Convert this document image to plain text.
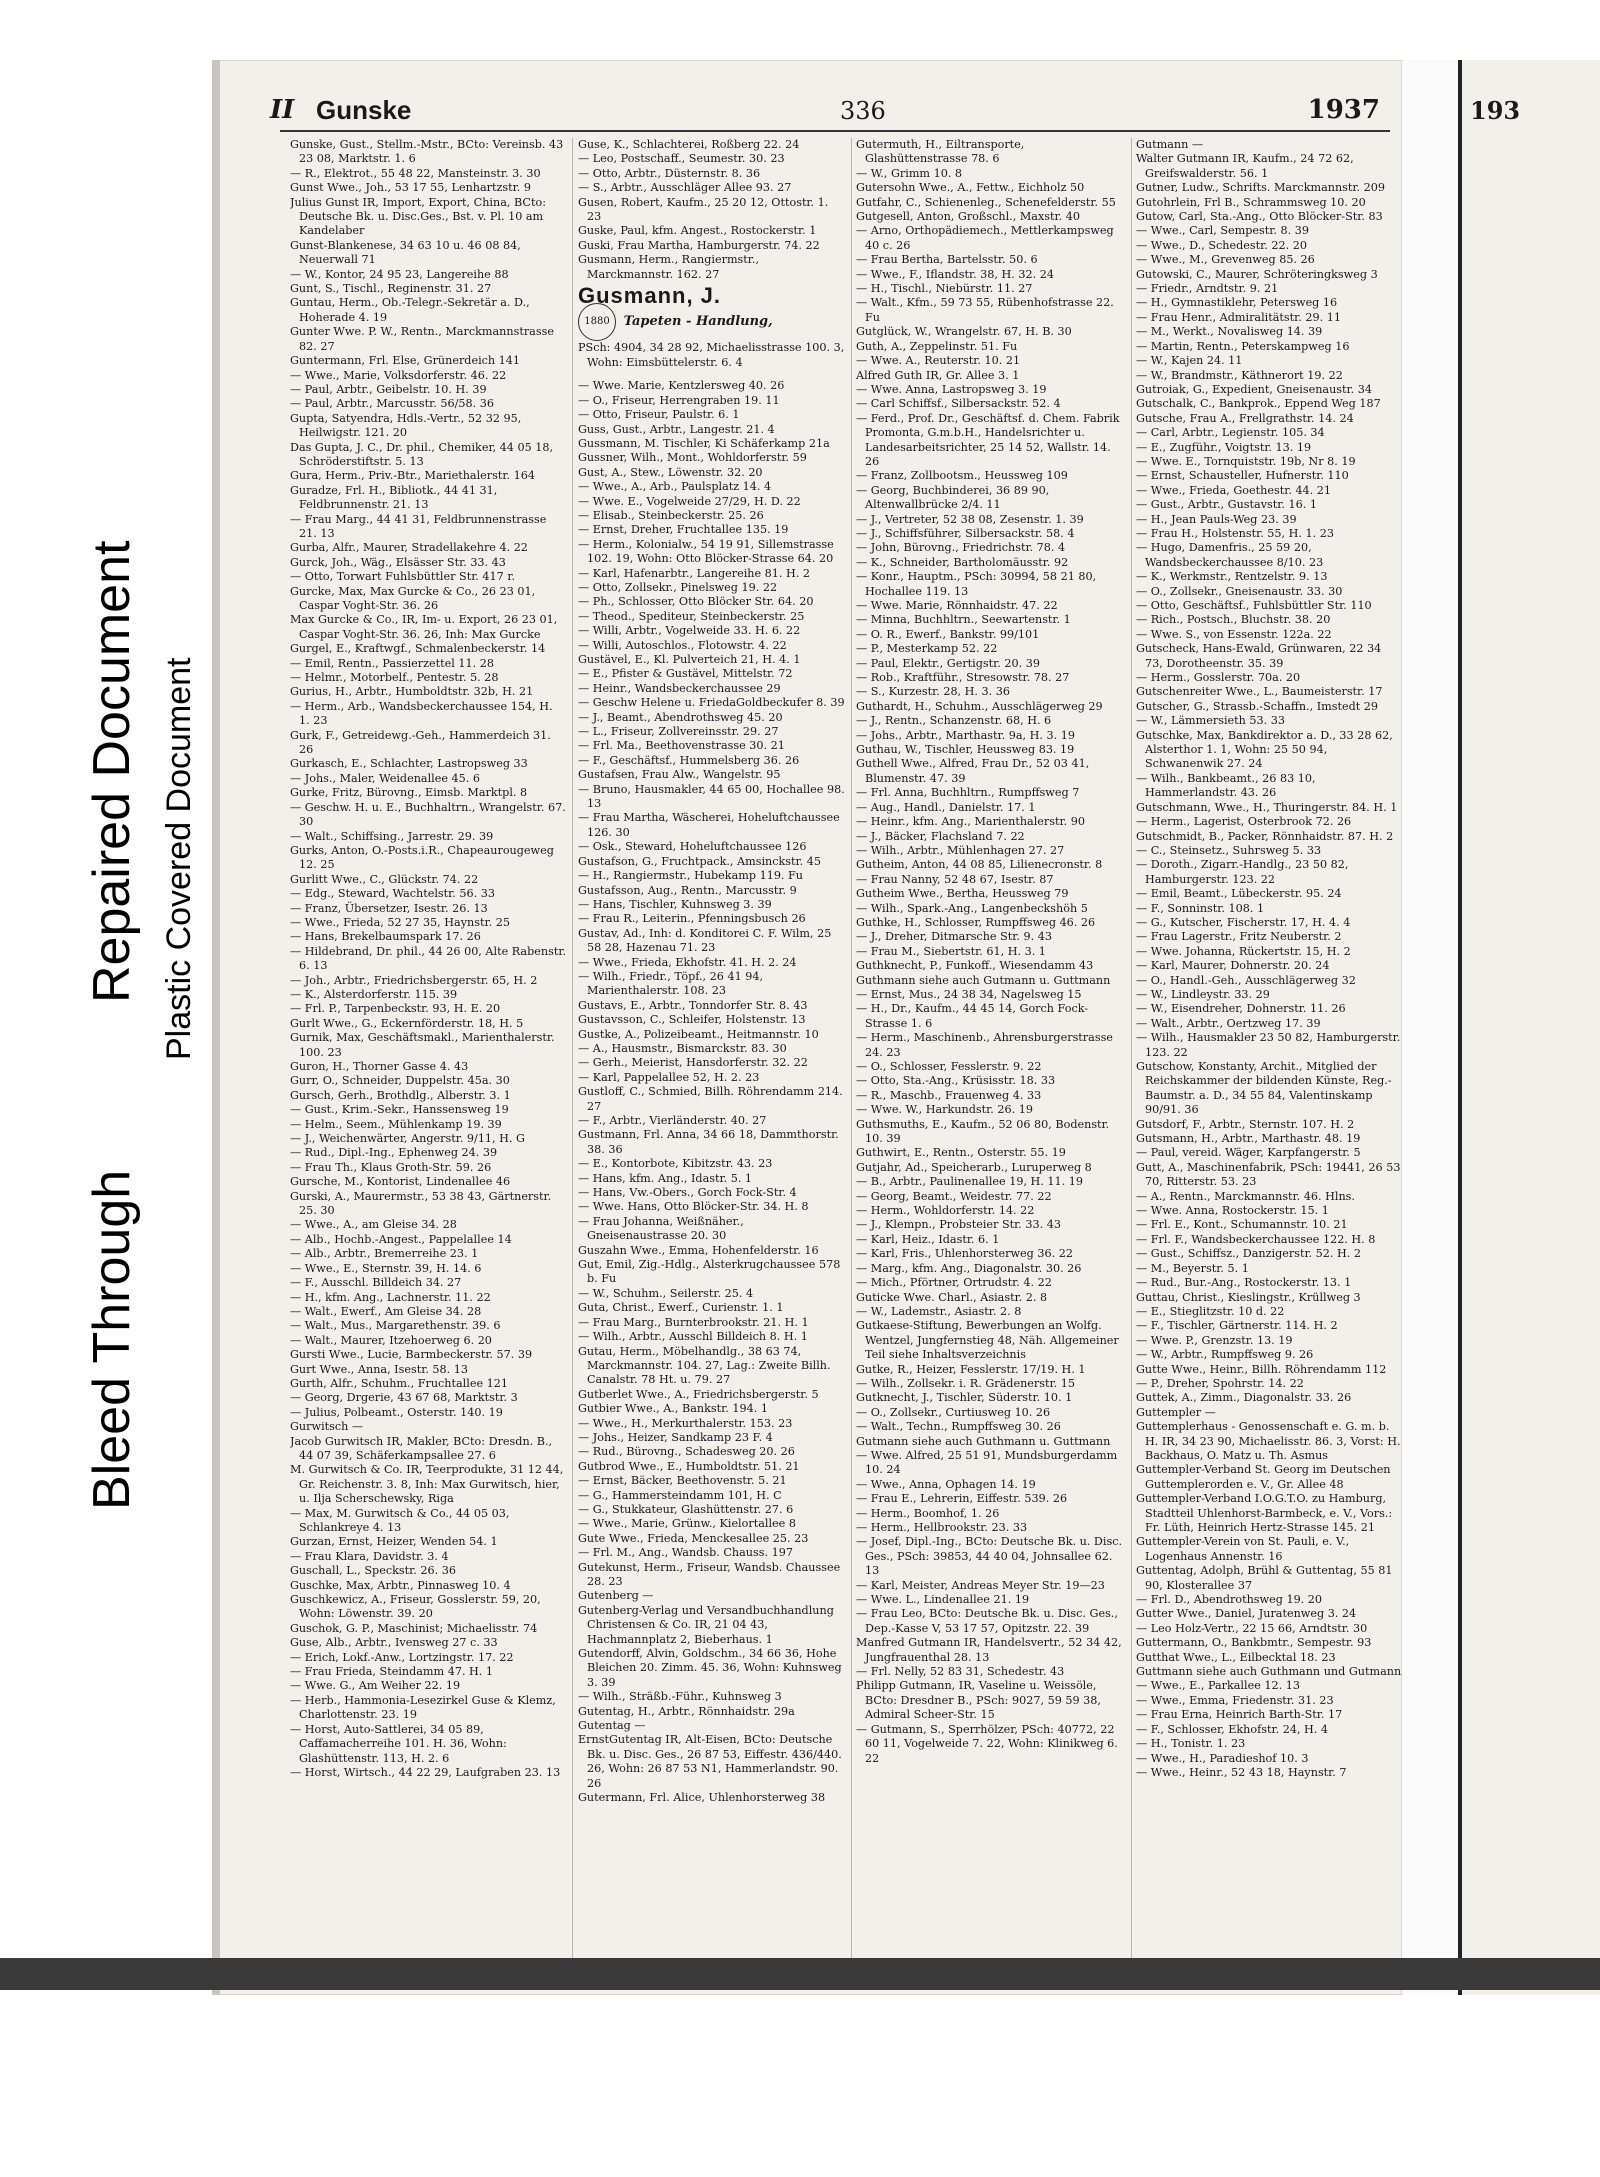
Bleed Through
Repaired Document Plastic Covered Document
II Gunske	336	1937	193

Gunske, Gust., Stellm.-Mstr., BCto: Vereinsb. 43 23 08, Marktstr. 1. 6

— R., Elektrot., 55 48 22, Mansteinstr. 3. 30

Gunst Wwe., Joh., 53 17 55, Lenhartzstr. 9

Julius Gunst IR, Import, Export, China, BCto: Deutsche Bk. u. Disc.Ges., Bst. v. Pl. 10 am Kandelaber

Gunst-Blankenese, 34 63 10 u. 46 08 84, Neuerwall 71

— W., Kontor, 24 95 23, Langereihe 88

Gunt, S., Tischl., Reginenstr. 31. 27

Guntau, Herm., Ob.-Telegr.-Sekretär a. D., Hoherade 4. 19

Gunter Wwe. P. W., Rentn., Marckmannstrasse 82. 27

Guntermann, Frl. Else, Grünerdeich 141

— Wwe., Marie, Volksdorferstr. 46. 22

— Paul, Arbtr., Geibelstr. 10. H. 39

— Paul, Arbtr., Marcusstr. 56/58. 36

Gupta, Satyendra, Hdls.-Vertr., 52 32 95, Heilwigstr. 121. 20

Das Gupta, J. C., Dr. phil., Chemiker, 44 05 18, Schröderstiftstr. 5. 13

Gura, Herm., Priv.-Btr., Mariethalerstr. 164

Guradze, Frl. H., Bibliotk., 44 41 31, Feldbrunnenstr. 21. 13

— Frau Marg., 44 41 31, Feldbrunnenstrasse 21. 13

Gurba, Alfr., Maurer, Stradellakehre 4. 22

Gurck, Joh., Wäg., Elsässer Str. 33. 43

— Otto, Torwart Fuhlsbüttler Str. 417 r.

Gurcke, Max, Max Gurcke & Co., 26 23 01, Caspar Voght-Str. 36. 26

Max Gurcke & Co., IR, Im- u. Export, 26 23 01, Caspar Voght-Str. 36. 26, Inh: Max Gurcke

Gurgel, E., Kraftwgf., Schmalenbeckerstr. 14

— Emil, Rentn., Passierzettel 11. 28

— Helmr., Motorbelf., Pentestr. 5. 28

Gurius, H., Arbtr., Humboldtstr. 32b, H. 21

— Herm., Arb., Wandsbeckerchaussee 154, H. 1. 23

Gurk, F., Getreidewg.-Geh., Hammerdeich 31. 26

Gurkasch, E., Schlachter, Lastropsweg 33

— Johs., Maler, Weidenallee 45. 6

Gurke, Fritz, Bürovng., Eimsb. Marktpl. 8

— Geschw. H. u. E., Buchhaltrn., Wrangelstr. 67. 30

— Walt., Schiffsing., Jarrestr. 29. 39

Gurks, Anton, O.-Posts.i.R., Chapeaurougeweg 12. 25

Gurlitt Wwe., C., Glückstr. 74. 22

— Edg., Steward, Wachtelstr. 56. 33

— Franz, Übersetzer, Isestr. 26. 13

— Wwe., Frieda, 52 27 35, Haynstr. 25

— Hans, Brekelbaumspark 17. 26

— Hildebrand, Dr. phil., 44 26 00, Alte Rabenstr. 6. 13

— Joh., Arbtr., Friedrichsbergerstr. 65, H. 2

— K., Alsterdorferstr. 115. 39

— Frl. P., Tarpenbeckstr. 93, H. E. 20

Gurlt Wwe., G., Eckernförderstr. 18, H. 5

Gurnik, Max, Geschäftsmakl., Marienthalerstr. 100. 23

Guron, H., Thorner Gasse 4. 43

Gurr, O., Schneider, Duppelstr. 45a. 30

Gursch, Gerh., Brothdlg., Alberstr. 3. 1

— Gust., Krim.-Sekr., Hanssensweg 19

— Helm., Seem., Mühlenkamp 19. 39

— J., Weichenwärter, Angerstr. 9/11, H. G

— Rud., Dipl.-Ing., Ephenweg 24. 39

— Frau Th., Klaus Groth-Str. 59. 26

Gursche, M., Kontorist, Lindenallee 46

Gurski, A., Maurermstr., 53 38 43, Gärtnerstr. 25. 30

— Wwe., A., am Gleise 34. 28

— Alb., Hochb.-Angest., Pappelallee 14

— Alb., Arbtr., Bremerreihe 23. 1

— Wwe., E., Sternstr. 39, H. 14. 6

— F., Ausschl. Billdeich 34. 27

— H., kfm. Ang., Lachnerstr. 11. 22

— Walt., Ewerf., Am Gleise 34. 28

— Walt., Mus., Margarethenstr. 39. 6

— Walt., Maurer, Itzehoerweg 6. 20

Gursti Wwe., Lucie, Barmbeckerstr. 57. 39

Gurt Wwe., Anna, Isestr. 58. 13

Gurth, Alfr., Schuhm., Fruchtallee 121

— Georg, Drgerie, 43 67 68, Marktstr. 3

— Julius, Polbeamt., Osterstr. 140. 19

Gurwitsch —

Jacob Gurwitsch IR, Makler, BCto: Dresdn. B., 44 07 39, Schäferkampsallee 27. 6

M. Gurwitsch & Co. IR, Teerprodukte, 31 12 44, Gr. Reichenstr. 3. 8, Inh: Max Gurwitsch, hier, u. Ilja Scherschewsky, Riga

— Max, M. Gurwitsch & Co., 44 05 03, Schlankreye 4. 13

Gurzan, Ernst, Heizer, Wenden 54. 1

— Frau Klara, Davidstr. 3. 4

Guschall, L., Speckstr. 26. 36

Guschke, Max, Arbtr., Pinnasweg 10. 4

Guschkewicz, A., Friseur, Gosslerstr. 59, 20, Wohn: Löwenstr. 39. 20

Guschok, G. P., Maschinist; Michaelisstr. 74

Guse, Alb., Arbtr., Ivensweg 27 c. 33

— Erich, Lokf.-Anw., Lortzingstr. 17. 22

— Frau Frieda, Steindamm 47. H. 1

— Wwe. G., Am Weiher 22. 19

— Herb., Hammonia-Lesezirkel Guse & Klemz, Charlottenstr. 23. 19

— Horst, Auto-Sattlerei, 34 05 89, Caffamacherreihe 101. H. 36, Wohn: Glashüttenstr. 113, H. 2. 6

— Horst, Wirtsch., 44 22 29, Laufgraben 23. 13

Guse, K., Schlachterei, Roßberg 22. 24

— Leo, Postschaff., Seumestr. 30. 23

— Otto, Arbtr., Düsternstr. 8. 36

— S., Arbtr., Ausschläger Allee 93. 27

Gusen, Robert, Kaufm., 25 20 12, Ottostr. 1. 23

Guske, Paul, kfm. Angest., Rostockerstr. 1

Guski, Frau Martha, Hamburgerstr. 74. 22

Gusmann, Herm., Rangiermstr., Marckmannstr. 162. 27

Gusmann, J.
1880 Tapeten - Handlung,

PSch: 4904, 34 28 92, Michaelisstrasse 100. 3, Wohn: Eimsbüttelerstr. 6. 4

— Wwe. Marie, Kentzlersweg 40. 26

— O., Friseur, Herrengraben 19. 11

— Otto, Friseur, Paulstr. 6. 1

Guss, Gust., Arbtr., Langestr. 21. 4

Gussmann, M. Tischler, Ki Schäferkamp 21a

Gussner, Wilh., Mont., Wohldorferstr. 59

Gust, A., Stew., Löwenstr. 32. 20

— Wwe., A., Arb., Paulsplatz 14. 4

— Wwe. E., Vogelweide 27/29, H. D. 22

— Elisab., Steinbeckerstr. 25. 26

— Ernst, Dreher, Fruchtallee 135. 19

— Herm., Kolonialw., 54 19 91, Sillemstrasse 102. 19, Wohn: Otto Blöcker-Strasse 64. 20

— Karl, Hafenarbtr., Langereihe 81. H. 2

— Otto, Zollsekr., Pinelsweg 19. 22

— Ph., Schlosser, Otto Blöcker Str. 64. 20

— Theod., Spediteur, Steinbeckerstr. 25

— Willi, Arbtr., Vogelweide 33. H. 6. 22

— Willi, Autoschlos., Flotowstr. 4. 22

Gustävel, E., Kl. Pulverteich 21, H. 4. 1

— E., Pfister & Gustävel, Mittelstr. 72

— Heinr., Wandsbeckerchaussee 29

— Geschw Helene u. FriedaGoldbeckufer 8. 39

— J., Beamt., Abendrothsweg 45. 20

— L., Friseur, Zollvereinsstr. 29. 27

— Frl. Ma., Beethovenstrasse 30. 21

— F., Geschäftsf., Hummelsberg 36. 26

Gustafsen, Frau Alw., Wangelstr. 95

— Bruno, Hausmakler, 44 65 00, Hochallee 98. 13

— Frau Martha, Wäscherei, Hoheluftchaussee 126. 30

— Osk., Steward, Hoheluftchaussee 126

Gustafson, G., Fruchtpack., Amsinckstr. 45

— H., Rangiermstr., Hubekamp 119. Fu

Gustafsson, Aug., Rentn., Marcusstr. 9

— Hans, Tischler, Kuhnsweg 3. 39

— Frau R., Leiterin., Pfenningsbusch 26

Gustav, Ad., Inh: d. Konditorei C. F. Wilm, 25 58 28, Hazenau 71. 23

— Wwe., Frieda, Ekhofstr. 41. H. 2. 24

— Wilh., Friedr., Töpf., 26 41 94, Marienthalerstr. 108. 23

Gustavs, E., Arbtr., Tonndorfer Str. 8. 43

Gustavsson, C., Schleifer, Holstenstr. 13

Gustke, A., Polizeibeamt., Heitmannstr. 10

— A., Hausmstr., Bismarckstr. 83. 30

— Gerh., Meierist, Hansdorferstr. 32. 22

— Karl, Pappelallee 52, H. 2. 23

Gustloff, C., Schmied, Billh. Röhrendamm 214. 27

— F., Arbtr., Vierländerstr. 40. 27

Gustmann, Frl. Anna, 34 66 18, Dammthorstr. 38. 36

— E., Kontorbote, Kibitzstr. 43. 23

— Hans, kfm. Ang., Idastr. 5. 1

— Hans, Vw.-Obers., Gorch Fock-Str. 4

— Wwe. Hans, Otto Blöcker-Str. 34. H. 8

— Frau Johanna, Weißnäher., Gneisenaustrasse 20. 30

Guszahn Wwe., Emma, Hohenfelderstr. 16

Gut, Emil, Zig.-Hdlg., Alsterkrugchaussee 578 b. Fu

— W., Schuhm., Seilerstr. 25. 4

Guta, Christ., Ewerf., Curienstr. 1. 1

— Frau Marg., Burnterbrookstr. 21. H. 1

— Wilh., Arbtr., Ausschl Billdeich 8. H. 1

Gutau, Herm., Möbelhandlg., 38 63 74, Marckmannstr. 104. 27, Lag.: Zweite Billh. Canalstr. 78 Ht. u. 79. 27

Gutberlet Wwe., A., Friedrichsbergerstr. 5

Gutbier Wwe., A., Bankstr. 194. 1

— Wwe., H., Merkurthalerstr. 153. 23

— Johs., Heizer, Sandkamp 23 F. 4

— Rud., Bürovng., Schadesweg 20. 26

Gutbrod Wwe., E., Humboldtstr. 51. 21

— Ernst, Bäcker, Beethovenstr. 5. 21

— G., Hammersteindamm 101, H. C

— G., Stukkateur, Glashüttenstr. 27. 6

— Wwe., Marie, Grünw., Kielortallee 8

Gute Wwe., Frieda, Menckesallee 25. 23

— Frl. M., Ang., Wandsb. Chauss. 197

Gutekunst, Herm., Friseur, Wandsb. Chaussee 28. 23

Gutenberg —

Gutenberg-Verlag und Versandbuchhandlung Christensen & Co. IR, 21 04 43, Hachmannplatz 2, Bieberhaus. 1

Gutendorff, Alvin, Goldschm., 34 66 36, Hohe Bleichen 20. Zimm. 45. 36, Wohn: Kuhnsweg 3. 39

— Wilh., Sträßb.-Führ., Kuhnsweg 3

Gutentag, H., Arbtr., Rönnhaidstr. 29a

Gutentag —

ErnstGutentag IR, Alt-Eisen, BCto: Deutsche Bk. u. Disc. Ges., 26 87 53, Eiffestr. 436/440. 26, Wohn: 26 87 53 N1, Hammerlandstr. 90. 26

Gutermann, Frl. Alice, Uhlenhorsterweg 38

Gutermuth, H., Eiltransporte, Glashüttenstrasse 78. 6

— W., Grimm 10. 8

Gutersohn Wwe., A., Fettw., Eichholz 50

Gutfahr, C., Schienenleg., Schenefelderstr. 55

Gutgesell, Anton, Großschl., Maxstr. 40

— Arno, Orthopädiemech., Mettlerkampsweg 40 c. 26

— Frau Bertha, Bartelsstr. 50. 6

— Wwe., F., Iflandstr. 38, H. 32. 24

— H., Tischl., Niebürstr. 11. 27

— Walt., Kfm., 59 73 55, Rübenhofstrasse 22. Fu

Gutglück, W., Wrangelstr. 67, H. B. 30

Guth, A., Zeppelinstr. 51. Fu

— Wwe. A., Reuterstr. 10. 21

Alfred Guth IR, Gr. Allee 3. 1

— Wwe. Anna, Lastropsweg 3. 19

— Carl Schiffsf., Silbersackstr. 52. 4

— Ferd., Prof. Dr., Geschäftsf. d. Chem. Fabrik Promonta, G.m.b.H., Handelsrichter u. Landesarbeitsrichter, 25 14 52, Wallstr. 14. 26

— Franz, Zollbootsm., Heussweg 109

— Georg, Buchbinderei, 36 89 90, Altenwallbrücke 2/4. 11

— J., Vertreter, 52 38 08, Zesenstr. 1. 39

— J., Schiffsführer, Silbersackstr. 58. 4

— John, Bürovng., Friedrichstr. 78. 4

— K., Schneider, Bartholomäusstr. 92

— Konr., Hauptm., PSch: 30994, 58 21 80, Hochallee 119. 13

— Wwe. Marie, Rönnhaidstr. 47. 22

— Minna, Buchhltrn., Seewartenstr. 1

— O. R., Ewerf., Bankstr. 99/101

— P., Mesterkamp 52. 22

— Paul, Elektr., Gertigstr. 20. 39

— Rob., Kraftführ., Stresowstr. 78. 27

— S., Kurzestr. 28, H. 3. 36

Guthardt, H., Schuhm., Ausschlägerweg 29

— J., Rentn., Schanzenstr. 68, H. 6

— Johs., Arbtr., Marthastr. 9a, H. 3. 19

Guthau, W., Tischler, Heussweg 83. 19

Guthell Wwe., Alfred, Frau Dr., 52 03 41, Blumenstr. 47. 39

— Frl. Anna, Buchhltrn., Rumpffsweg 7

— Aug., Handl., Danielstr. 17. 1

— Heinr., kfm. Ang., Marienthalerstr. 90

— J., Bäcker, Flachsland 7. 22

— Wilh., Arbtr., Mühlenhagen 27. 27

Gutheim, Anton, 44 08 85, Lilienecronstr. 8

— Frau Nanny, 52 48 67, Isestr. 87

Gutheim Wwe., Bertha, Heussweg 79

— Wilh., Spark.-Ang., Langenbeckshöh 5

Guthke, H., Schlosser, Rumpffsweg 46. 26

— J., Dreher, Ditmarsche Str. 9. 43

— Frau M., Siebertstr. 61, H. 3. 1

Guthknecht, P., Funkoff., Wiesendamm 43

Guthmann siehe auch Gutmann u. Guttmann

— Ernst, Mus., 24 38 34, Nagelsweg 15

— H., Dr., Kaufm., 44 45 14, Gorch Fock-Strasse 1. 6

— Herm., Maschinenb., Ahrensburgerstrasse 24. 23

— O., Schlosser, Fesslerstr. 9. 22

— Otto, Sta.-Ang., Krüsisstr. 18. 33

— R., Maschb., Frauenweg 4. 33

— Wwe. W., Harkundstr. 26. 19

Guthsmuths, E., Kaufm., 52 06 80, Bodenstr. 10. 39

Guthwirt, E., Rentn., Osterstr. 55. 19

Gutjahr, Ad., Speicherarb., Luruperweg 8

— B., Arbtr., Paulinenallee 19, H. 11. 19

— Georg, Beamt., Weidestr. 77. 22

— Herm., Wohldorferstr. 14. 22

— J., Klempn., Probsteier Str. 33. 43

— Karl, Heiz., Idastr. 6. 1

— Karl, Fris., Uhlenhorsterweg 36. 22

— Marg., kfm. Ang., Diagonalstr. 30. 26

— Mich., Pförtner, Ortrudstr. 4. 22

Guticke Wwe. Charl., Asiastr. 2. 8

— W., Lademstr., Asiastr. 2. 8

Gutkaese-Stiftung, Bewerbungen an Wolfg. Wentzel, Jungfernstieg 48, Näh. Allgemeiner Teil siehe Inhaltsverzeichnis

Gutke, R., Heizer, Fesslerstr. 17/19. H. 1

— Wilh., Zollsekr. i. R. Grädenerstr. 15

Gutknecht, J., Tischler, Süderstr. 10. 1

— O., Zollsekr., Curtiusweg 10. 26

— Walt., Techn., Rumpffsweg 30. 26

Gutmann siehe auch Guthmann u. Guttmann

— Wwe. Alfred, 25 51 91, Mundsburgerdamm 10. 24

— Wwe., Anna, Ophagen 14. 19

— Frau E., Lehrerin, Eiffestr. 539. 26

— Herm., Boomhof, 1. 26

— Herm., Hellbrookstr. 23. 33

— Josef, Dipl.-Ing., BCto: Deutsche Bk. u. Disc. Ges., PSch: 39853, 44 40 04, Johnsallee 62. 13

— Karl, Meister, Andreas Meyer Str. 19—23

— Wwe. L., Lindenallee 21. 19

— Frau Leo, BCto: Deutsche Bk. u. Disc. Ges., Dep.-Kasse V, 53 17 57, Opitzstr. 22. 39

Manfred Gutmann IR, Handelsvertr., 52 34 42, Jungfrauenthal 28. 13

— Frl. Nelly, 52 83 31, Schedestr. 43

Philipp Gutmann, IR, Vaseline u. Weissöle, BCto: Dresdner B., PSch: 9027, 59 59 38, Admiral Scheer-Str. 15

— Gutmann, S., Sperrhölzer, PSch: 40772, 22 60 11, Vogelweide 7. 22, Wohn: Klinikweg 6. 22

Gutmann —

Walter Gutmann IR, Kaufm., 24 72 62, Greifswalderstr. 56. 1

Gutner, Ludw., Schrifts. Marckmannstr. 209

Gutohrlein, Frl B., Schrammsweg 10. 20

Gutow, Carl, Sta.-Ang., Otto Blöcker-Str. 83

— Wwe., Carl, Sempestr. 8. 39

— Wwe., D., Schedestr. 22. 20

— Wwe., M., Grevenweg 85. 26

Gutowski, C., Maurer, Schröteringksweg 3

— Friedr., Arndtstr. 9. 21

— H., Gymnastiklehr, Petersweg 16

— Frau Henr., Admiralitätstr. 29. 11

— M., Werkt., Novalisweg 14. 39

— Martin, Rentn., Peterskampweg 16

— W., Kajen 24. 11

— W., Brandmstr., Käthnerort 19. 22

Gutroiak, G., Expedient, Gneisenaustr. 34

Gutschalk, C., Bankprok., Eppend Weg 187

Gutsche, Frau A., Frellgrathstr. 14. 24

— Carl, Arbtr., Legienstr. 105. 34

— E., Zugführ., Voigtstr. 13. 19

— Wwe. E., Tornquiststr. 19b, Nr 8. 19

— Ernst, Schausteller, Hufnerstr. 110

— Wwe., Frieda, Goethestr. 44. 21

— Gust., Arbtr., Gustavstr. 16. 1

— H., Jean Pauls-Weg 23. 39

— Frau H., Holstenstr. 55, H. 1. 23

— Hugo, Damenfris., 25 59 20, Wandsbeckerchaussee 8/10. 23

— K., Werkmstr., Rentzelstr. 9. 13

— O., Zollsekr., Gneisenaustr. 33. 30

— Otto, Geschäftsf., Fuhlsbüttler Str. 110

— Rich., Postsch., Bluchstr. 38. 20

— Wwe. S., von Essenstr. 122a. 22

Gutscheck, Hans-Ewald, Grünwaren, 22 34 73, Dorotheenstr. 35. 39

— Herm., Gosslerstr. 70a. 20

Gutschenreiter Wwe., L., Baumeisterstr. 17

Gutscher, G., Strassb.-Schaffn., Imstedt 29

— W., Lämmersieth 53. 33

Gutschke, Max, Bankdirektor a. D., 33 28 62, Alsterthor 1. 1, Wohn: 25 50 94, Schwanenwik 27. 24

— Wilh., Bankbeamt., 26 83 10, Hammerlandstr. 43. 26

Gutschmann, Wwe., H., Thuringerstr. 84. H. 1

— Herm., Lagerist, Osterbrook 72. 26

Gutschmidt, B., Packer, Rönnhaidstr. 87. H. 2

— C., Steinsetz., Suhrsweg 5. 33

— Doroth., Zigarr.-Handlg., 23 50 82, Hamburgerstr. 123. 22

— Emil, Beamt., Lübeckerstr. 95. 24

— F., Sonninstr. 108. 1

— G., Kutscher, Fischerstr. 17, H. 4. 4

— Frau Lagerstr., Fritz Neuberstr. 2

— Wwe. Johanna, Rückertstr. 15, H. 2

— Karl, Maurer, Dohnerstr. 20. 24

— O., Handl.-Geh., Ausschlägerweg 32

— W., Lindleystr. 33. 29

— W., Eisendreher, Dohnerstr. 11. 26

— Walt., Arbtr., Oertzweg 17. 39

— Wilh., Hausmakler 23 50 82, Hamburgerstr. 123. 22

Gutschow, Konstanty, Archit., Mitglied der Reichskammer der bildenden Künste, Reg.-Baumstr. a. D., 34 55 84, Valentinskamp 90/91. 36

Gutsdorf, F., Arbtr., Sternstr. 107. H. 2

Gutsmann, H., Arbtr., Marthastr. 48. 19

— Paul, vereid. Wäger, Karpfangerstr. 5

Gutt, A., Maschinenfabrik, PSch: 19441, 26 53 70, Ritterstr. 53. 23

— A., Rentn., Marckmannstr. 46. Hlns.

— Wwe. Anna, Rostockerstr. 15. 1

— Frl. E., Kont., Schumannstr. 10. 21

— Frl. F., Wandsbeckerchaussee 122. H. 8

— Gust., Schiffsz., Danzigerstr. 52. H. 2

— M., Beyerstr. 5. 1

— Rud., Bur.-Ang., Rostockerstr. 13. 1

Guttau, Christ., Kieslingstr., Krüllweg 3

— E., Stieglitzstr. 10 d. 22

— F., Tischler, Gärtnerstr. 114. H. 2

— Wwe. P., Grenzstr. 13. 19

— W., Arbtr., Rumpffsweg 9. 26

Gutte Wwe., Heinr., Billh. Röhrendamm 112

— P., Dreher, Spohrstr. 14. 22

Guttek, A., Zimm., Diagonalstr. 33. 26

Guttempler —

Guttemplerhaus - Genossenschaft e. G. m. b. H. IR, 34 23 90, Michaelisstr. 86. 3, Vorst: H. Backhaus, O. Matz u. Th. Asmus

Guttempler-Verband St. Georg im Deutschen Guttemplerorden e. V., Gr. Allee 48

Guttempler-Verband I.O.G.T.O. zu Hamburg, Stadtteil Uhlenhorst-Barmbeck, e. V., Vors.: Fr. Lüth, Heinrich Hertz-Strasse 145. 21

Guttempler-Verein von St. Pauli, e. V., Logenhaus Annenstr. 16

Guttentag, Adolph, Brühl & Guttentag, 55 81 90, Klosterallee 37

— Frl. D., Abendrothsweg 19. 20

Gutter Wwe., Daniel, Juratenweg 3. 24

— Leo Holz-Vertr., 22 15 66, Arndtstr. 30

Guttermann, O., Bankbmtr., Sempestr. 93

Gutthat Wwe., L., Eilbecktal 18. 23

Guttmann siehe auch Guthmann und Gutmann

— Wwe., E., Parkallee 12. 13

— Wwe., Emma, Friedenstr. 31. 23

— Frau Erna, Heinrich Barth-Str. 17

— F., Schlosser, Ekhofstr. 24, H. 4

— H., Tonistr. 1. 23

— Wwe., H., Paradieshof 10. 3

— Wwe., Heinr., 52 43 18, Haynstr. 7
